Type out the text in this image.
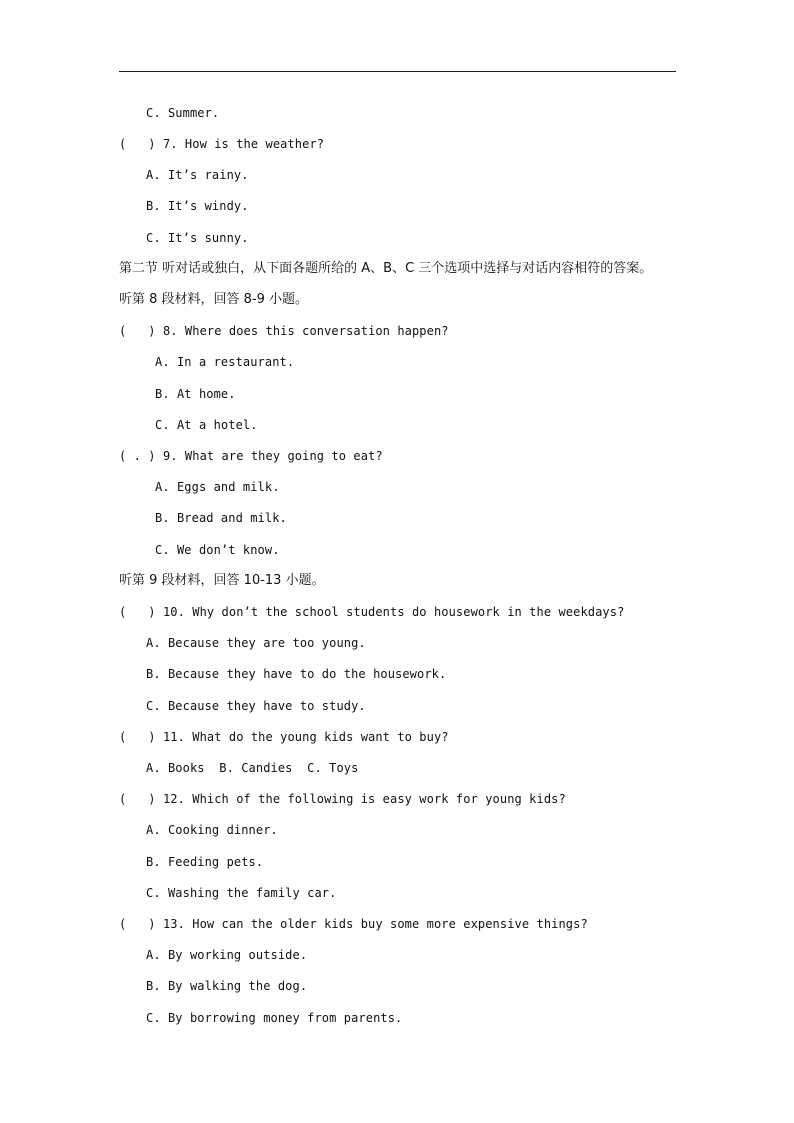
C. Summer.
(   ) 7. How is the weather?
A. It’s rainy.
B. It’s windy.
C. It’s sunny.
第二节 听对话或独白，从下面各题所给的 A、B、C 三个选项中选择与对话内容相符的答案。
听第 8 段材料，回答 8-9 小题。
(   ) 8. Where does this conversation happen?
A. In a restaurant.
B. At home.
C. At a hotel.
( . ) 9. What are they going to eat?
A. Eggs and milk.
B. Bread and milk.
C. We don’t know.
听第 9 段材料，回答 10-13 小题。
(   ) 10. Why don’t the school students do housework in the weekdays?
A. Because they are too young.
B. Because they have to do the housework.
C. Because they have to study.
(   ) 11. What do the young kids want to buy?
A. Books  B. Candies  C. Toys
(   ) 12. Which of the following is easy work for young kids?
A. Cooking dinner.
B. Feeding pets.
C. Washing the family car.
(   ) 13. How can the older kids buy some more expensive things?
A. By working outside.
B. By walking the dog.
C. By borrowing money from parents.
